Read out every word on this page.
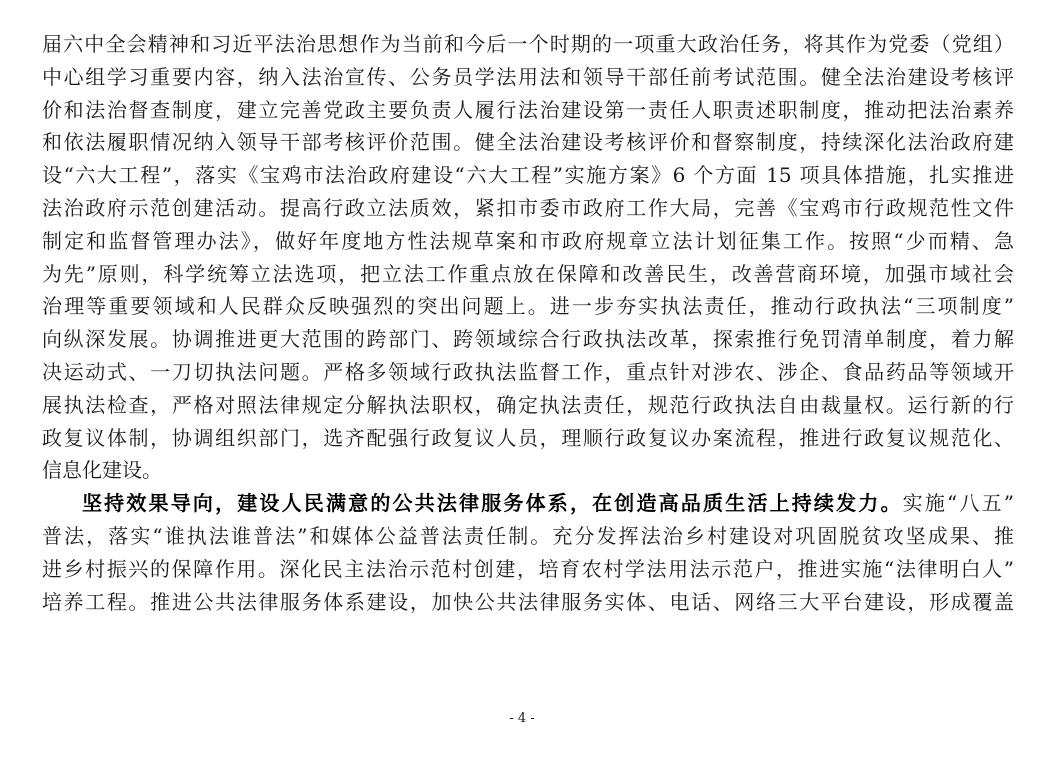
届六中全会精神和习近平法治思想作为当前和今后一个时期的一项重大政治任务，将其作为党委（党组）
中心组学习重要内容，纳入法治宣传、公务员学法用法和领导干部任前考试范围。健全法治建设考核评
价和法治督查制度，建立完善党政主要负责人履行法治建设第一责任人职责述职制度，推动把法治素养
和依法履职情况纳入领导干部考核评价范围。健全法治建设考核评价和督察制度，持续深化法治政府建
设“六大工程”，落实《宝鸡市法治政府建设“六大工程”实施方案》6 个方面 15 项具体措施，扎实推进
法治政府示范创建活动。提高行政立法质效，紧扣市委市政府工作大局，完善《宝鸡市行政规范性文件
制定和监督管理办法》，做好年度地方性法规草案和市政府规章立法计划征集工作。按照“少而精、急
为先”原则，科学统筹立法选项，把立法工作重点放在保障和改善民生，改善营商环境，加强市域社会
治理等重要领域和人民群众反映强烈的突出问题上。进一步夯实执法责任，推动行政执法“三项制度”
向纵深发展。协调推进更大范围的跨部门、跨领域综合行政执法改革，探索推行免罚清单制度，着力解
决运动式、一刀切执法问题。严格多领域行政执法监督工作，重点针对涉农、涉企、食品药品等领域开
展执法检查，严格对照法律规定分解执法职权，确定执法责任，规范行政执法自由裁量权。运行新的行
政复议体制，协调组织部门，选齐配强行政复议人员，理顺行政复议办案流程，推进行政复议规范化、
信息化建设。
坚持效果导向，建设人民满意的公共法律服务体系，在创造高品质生活上持续发力。实施“八五”
普法，落实“谁执法谁普法”和媒体公益普法责任制。充分发挥法治乡村建设对巩固脱贫攻坚成果、推
进乡村振兴的保障作用。深化民主法治示范村创建，培育农村学法用法示范户，推进实施“法律明白人”
培养工程。推进公共法律服务体系建设，加快公共法律服务实体、电话、网络三大平台建设，形成覆盖
- 4 -
